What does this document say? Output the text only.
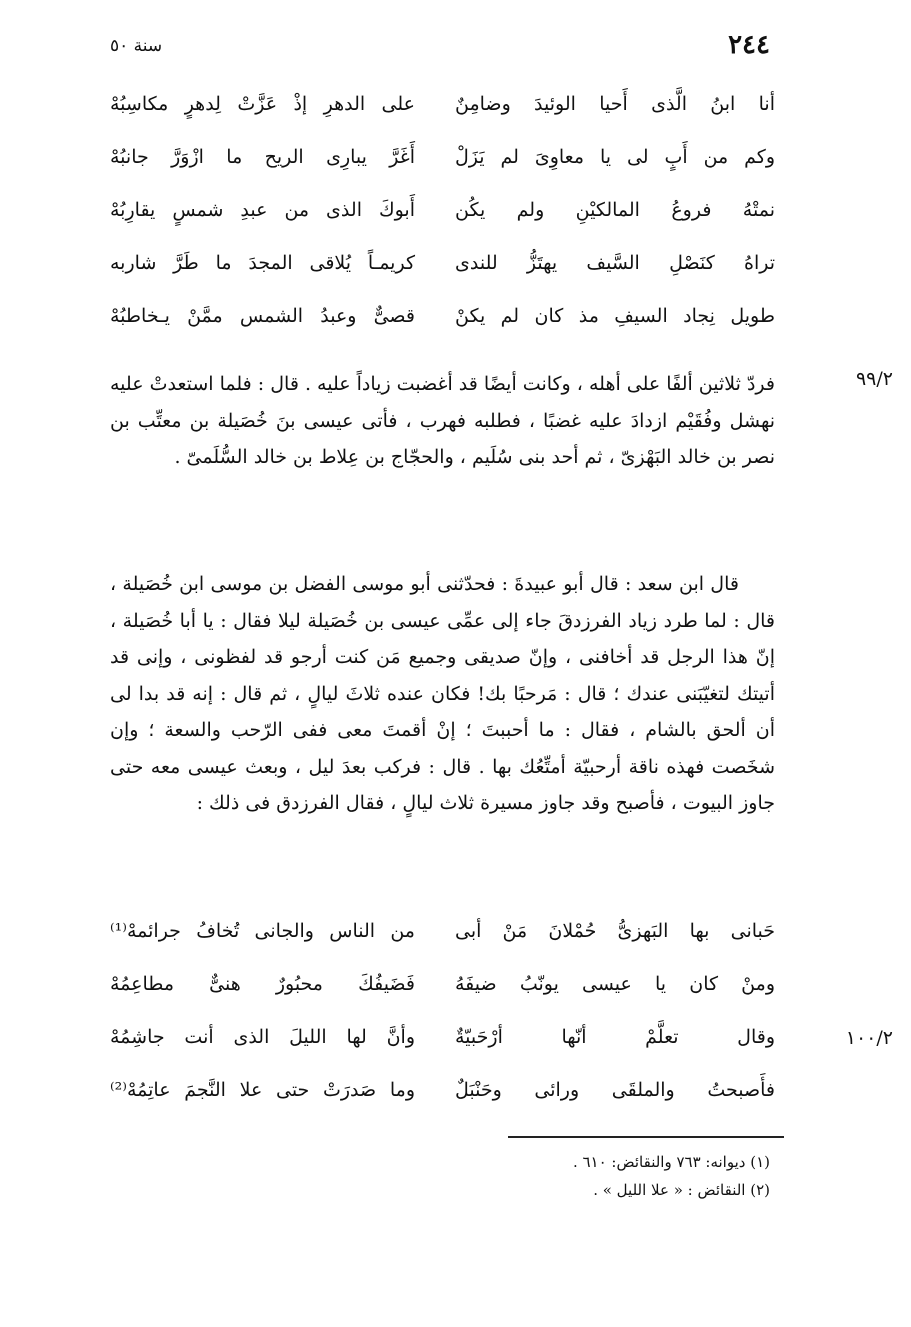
٢٤٤
سنة ٥٠
أنا ابنُ الَّذى أَحيا الوئيدَ وضامِنٌ
على الدهرِ إذْ عَزَّتْ لِدهرٍ مكاسِبُهْ
وكم من أَبٍ لى يا معاوِىَ لم يَزَلْ
أَغَرَّ يبارِى الريح ما ازْوَرَّ جانبُهْ
نمتْهُ فروعُ المالكيْنِ ولم يكُن
أَبوكَ الذى من عبدِ شمسٍ يقارِبُهْ
تراهُ كنَصْلِ السَّيف يهتَزُّ للندى
كريمـاً يُلاقى المجدَ ما طَرَّ شاربه
طويل نِجاد السيفِ مذ كان لم يكنْ
قصىٌّ وعبدُ الشمس ممَّنْ يـخاطبُهْ
٩٩/٢

فردّ ثلاثين ألفًا على أهله ، وكانت أيضًا قد أغضبت زياداً عليه . قال : فلما استعدتْ عليه نهشل وفُقَيْم ازدادَ عليه غضبًا ، فطلبه فهرب ، فأتى عيسى بنَ خُصَيلة بن معتِّب بن نصر بن خالد البَهْزىّ ، ثم أحد بنى سُلَيم ، والحجّاج بن عِلاط بن خالد السُّلَمىّ .

قال ابن سعد : قال أبو عبيدةَ : فحدّثنى أبو موسى الفضل بن موسى ابن خُصَيلة ، قال : لما طرد زياد الفرزدقَ جاء إلى عمِّى عيسى بن خُصَيلة ليلا فقال : يا أبا خُصَيلة ، إنّ هذا الرجل قد أخافنى ، وإنّ صديقى وجميع مَن كنت أرجو قد لفظونى ، وإنى قد أتيتك لتغيّبَنى عندك ؛ قال : مَرحبًا بك! فكان عنده ثلاثَ ليالٍ ، ثم قال : إنه قد بدا لى أن ألحق بالشام ، فقال : ما أحببتَ ؛ إنْ أقمتَ معى ففى الرّحب والسعة ؛ وإن شخَصت فهذه ناقة أرحبيّة أمتِّعُك بها . قال : فركب بعدَ ليل ، وبعث عيسى معه حتى جاوز البيوت ، فأصبح وقد جاوز مسيرة ثلاث ليالٍ ، فقال الفرزدق فى ذلك :

حَبانى بها البَهزىُّ حُمْلانَ مَنْ أبى
من الناس والجانى تُخافُ جرائمهْ⁽¹⁾
ومنْ كان يا عيسى يونّبُ ضيفَهُ
فَضَيفُكَ محبُورٌ هنىٌّ مطاعِمُهْ
وقال تعلَّمْ أنّها أرْحَبيّةٌ
وأنَّ لها الليلَ الذى أنت جاشِمُهْ
فأَصبحتُ والملقَى ورائى وحَنْبَلٌ
وما صَدرَتْ حتى علا النَّجمَ عاتِمُهْ⁽²⁾
١٠٠/٢
(١) ديوانه: ٧٦٣ والنقائض: ٦١٠ .
(٢) النقائض : « علا الليل » .
